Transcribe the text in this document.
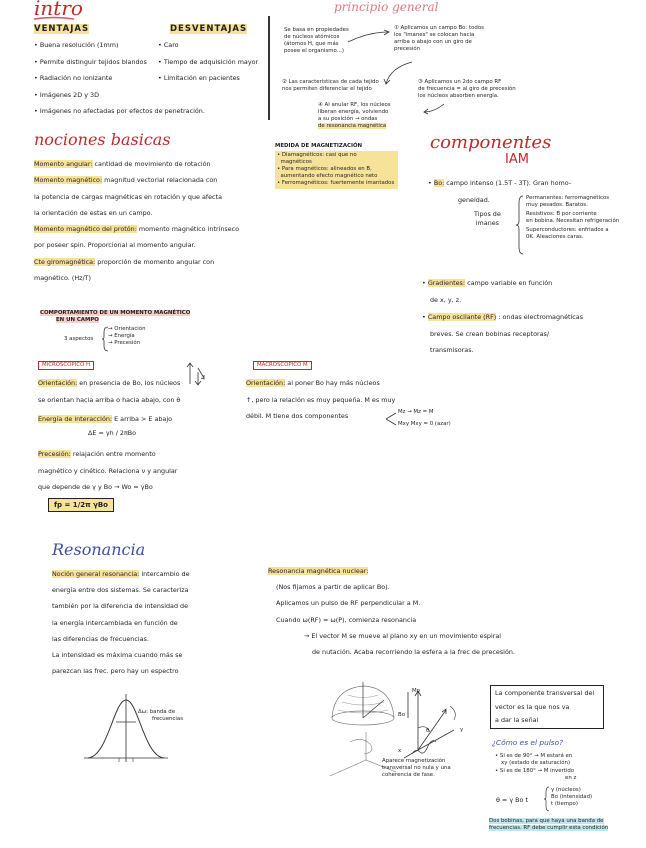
intro
VENTAJAS
• Buena resolución (1mm)
• Permite distinguir tejidos blandos
• Radiación no ionizante
• Imágenes 2D y 3D
• Imágenes no afectadas por efectos de penetración.
DESVENTAJAS
• Caro
• Tiempo de adquisición mayor
• Limitación en pacientes
principio general
Se basa en propiedades
de núcleos atómicos
(átomos H, que más
posee el organismo...)
① Aplicamos un campo Bo: todos
los "imanes" se colocan hacia
arriba o abajo con un giro de
precesión
② Las características de cada tejido
nos permiten diferenciar el tejido
③ Aplicamos un 2do campo RF
de frecuencia = al giro de precesión
los núcleos absorben energía.
④ Al anular RF, los núcleos
liberan energía, volviendo
a su posición → ondas
de resonancia magnética
nociones basicas
Momento angular: cantidad de movimiento de rotación
Momento magnético: magnitud vectorial relacionada con
la potencia de cargas magnéticas en rotación y que afecta
la orientación de estas en un campo.
Momento magnético del protón: momento magnético intrínseco
por poseer spin. Proporcional al momento angular.
Cte giromagnética: proporción de momento angular con
magnético. (Hz/T)
MEDIDA DE MAGNETIZACIÓN
• Diamagnéticos: casi que no
magnéticos
• Para magnéticos: alineados en B,
aumentando efecto magnético neto
• Ferromagnéticos: fuertemente imantados
COMPORTAMIENTO DE UN MOMENTO MAGNÉTICO
EN UN CAMPO
3 aspectos
→ Orientación
→ Energía
→ Precesión
MICROSCÓPICO H
Orientación: en presencia de Bo, los núcleos
se orientan hacia arriba o hacia abajo, con θ
Energía de interacción: E arriba > E abajo
ΔE = γh / 2πBo
Precesión: relajación entre momento
magnético y cinético. Relaciona ν y angular
que depende de γ y Bo → Wo = γBo
fp = 1/2π γBo
MACROSCÓPICO M
Orientación: al poner Bo hay más núcleos
↑, pero la relación es muy pequeña. M es muy
débil. M tiene dos componentes
Mz → Mz = M
Mxy Mxy = 0 (azar)
componentes
IAM
• Bo: campo intenso (1.5T - 3T). Gran homo-
geneidad.
Tipos de
imanes
Permanentes: ferromagnéticos
muy pesados. Baratos.
Resistivos: B por corriente
en bobina. Necesitan refrigeración
Superconductores: enfriados a
0K. Aleaciones caras.
• Gradientes: campo variable en función
de x, y, z.
• Campo oscilante (RF) : ondas electromagnéticas
breves. Se crean bobinas receptoras/
transmisoras.
Resonancia
Noción general resonancia: intercambio de
energía entre dos sistemas. Se caracteriza
también por la diferencia de intensidad de
la energía intercambiada en función de
las diferencias de frecuencias.
La intensidad es máxima cuando más se
parezcan las frec. pero hay un espectro
Δω: banda de
frecuencias
Resonancia magnética nuclear:
(Nos fijamos a partir de aplicar Bo).
Aplicamos un pulso de RF perpendicular a M.
Cuando ω(RF) = ω(P), comienza resonancia
→ El vector M se mueve al plano xy en un movimiento espiral
de nutación. Acaba recorriendo la esfera a la frec de precesión.
Mo
Bo
θ	y
x
Aparece magnetización
transversal no nula y una
coherencia de fase.
La componente transversal del
vector es la que nos va
a dar la señal
¿Cómo es el pulso?
• Si es de 90° → M estará en
xy (estado de saturación)
• Si es de 180° → M invertido
en z
θ = γ Bo t
γ (núcleos)
Bo (intensidad)
t (tiempo)
Dos bobinas, para que haya una banda de
frecuencias. RF debe cumplir esta condición
